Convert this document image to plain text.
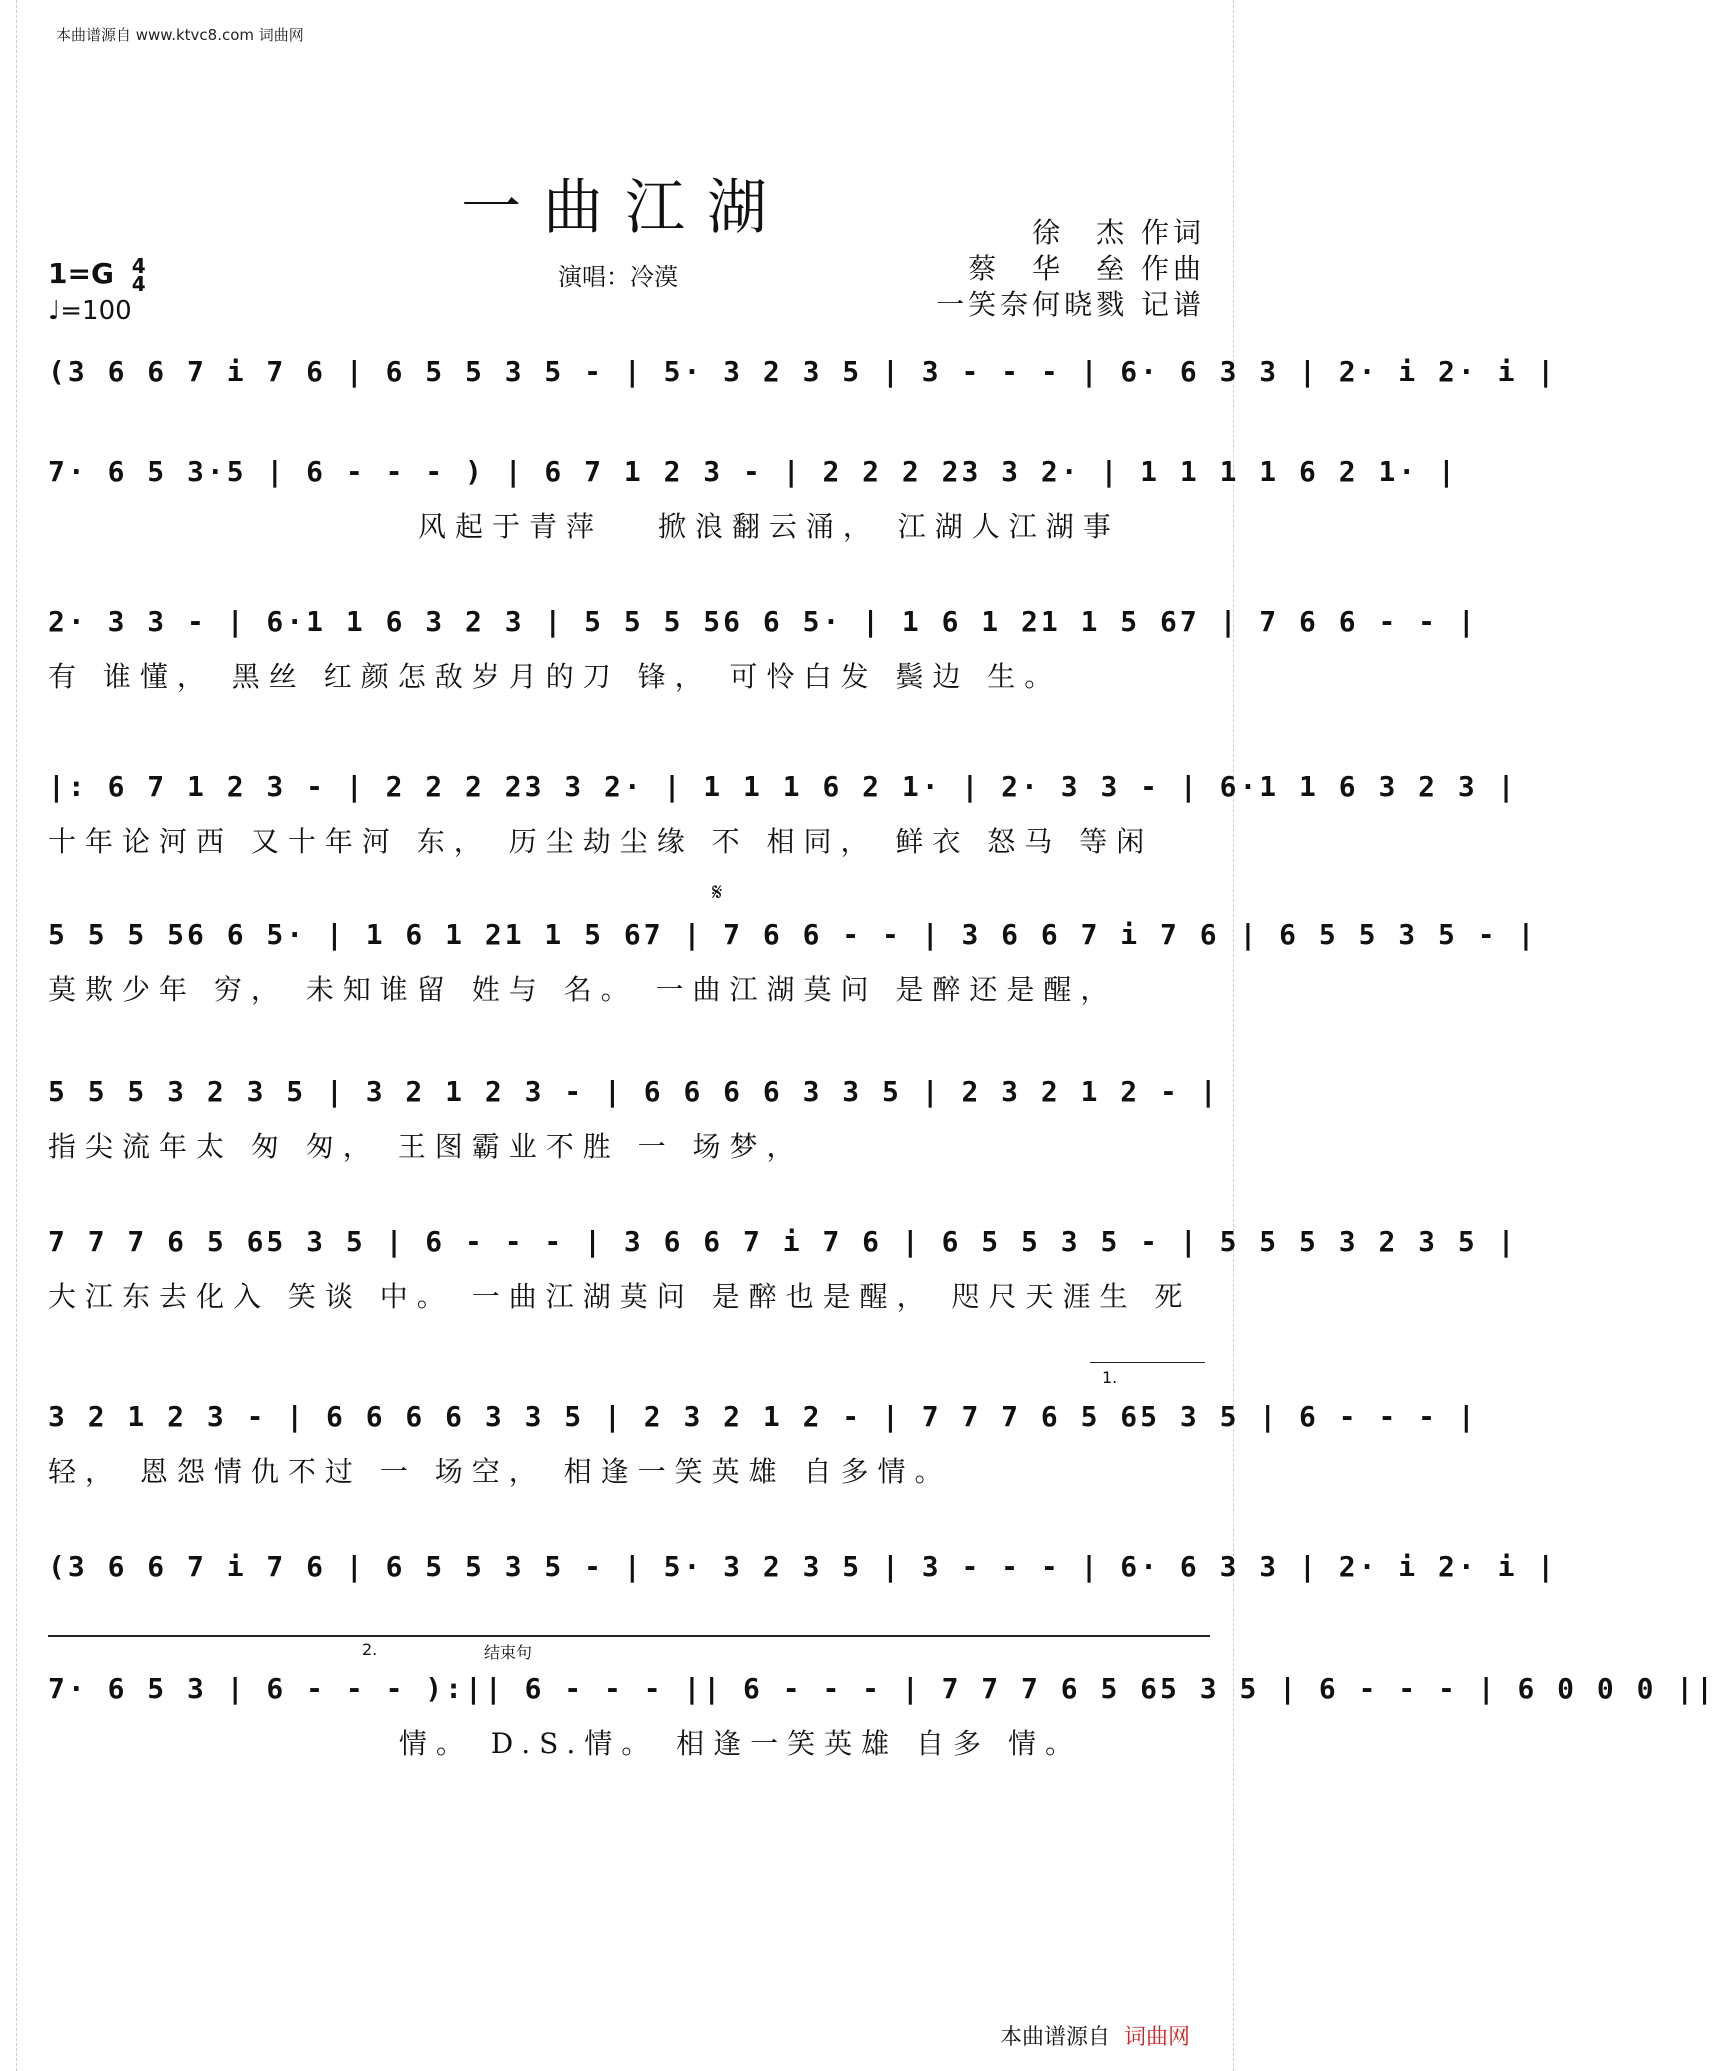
本曲谱源自 www.ktvc8.com 词曲网
一曲江湖	徐　杰 作词
蔡　华　垒 作曲
一笑奈何晓戮 记谱
演唱：冷漠
1=G 4
4
♩=100
(3 6 6 7 i 7 6 | 6 5 5 3 5 - | 5· 3 2 3 5 | 3 - - - | 6· 6 3 3 | 2· i 2· i |
7· 6 5 3·5 | 6 - - - ) | 6 7 1 2 3 - | 2 2 2 23 3 2· | 1 1 1 1 6 2 1· |
　　　　　　　　　　风起于青萍　 掀浪翻云涌， 江湖人江湖事
2· 3 3 - | 6·1 1 6 3 2 3 | 5 5 5 56 6 5· | 1 6 1 21 1 5 67 | 7 6 6 - - |
有 谁懂， 黑丝 红颜怎敌岁月的刀 锋， 可怜白发 鬓边 生。
|: 6 7 1 2 3 - | 2 2 2 23 3 2· | 1 1 1 6 2 1· | 2· 3 3 - | 6·1 1 6 3 2 3 |
十年论河西 又十年河 东， 历尘劫尘缘 不 相同， 鲜衣 怒马 等闲
𝄋
5 5 5 56 6 5· | 1 6 1 21 1 5 67 | 7 6 6 - - | 3 6 6 7 i 7 6 | 6 5 5 3 5 - |
莫欺少年 穷， 未知谁留 姓与 名。 一曲江湖莫问 是醉还是醒，
5 5 5 3 2 3 5 | 3 2 1 2 3 - | 6 6 6 6 3 3 5 | 2 3 2 1 2 - |
指尖流年太 匆 匆， 王图霸业不胜 一 场梦，
7 7 7 6 5 65 3 5 | 6 - - - | 3 6 6 7 i 7 6 | 6 5 5 3 5 - | 5 5 5 3 2 3 5 |
大江东去化入 笑谈 中。 一曲江湖莫问 是醉也是醒， 咫尺天涯生 死
1.
3 2 1 2 3 - | 6 6 6 6 3 3 5 | 2 3 2 1 2 - | 7 7 7 6 5 65 3 5 | 6 - - - |
轻， 恩怨情仇不过 一 场空， 相逢一笑英雄 自多情。
(3 6 6 7 i 7 6 | 6 5 5 3 5 - | 5· 3 2 3 5 | 3 - - - | 6· 6 3 3 | 2· i 2· i |
2.	结束句
7· 6 5 3 | 6 - - - ):|| 6 - - - || 6 - - - | 7 7 7 6 5 65 3 5 | 6 - - - | 6 0 0 0 ||
　　　　　　　　　 情。 D.S.情。 相逢一笑英雄 自多 情。
本曲谱源自 词曲网
